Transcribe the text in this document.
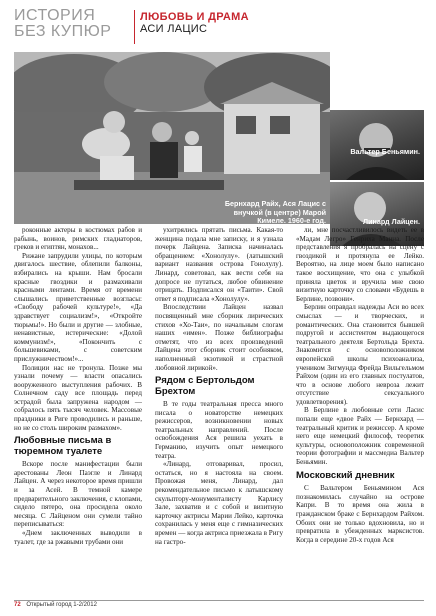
ИСТОРИЯ БЕЗ КУПЮР
ЛЮБОВЬ И ДРАМА
АСИ ЛАЦИС
Бернхард Райх, Ася Лацис с внучкой (в центре) Марой Кимеле. 1960-е год.
Вальтер Беньямин.
Линард Лайцен.

роконные актеры в костюмах рабов и рабынь, воинов, римских гладиаторов, греков и египтян, монахов...

Рижане запрудили улицы, по которым двигалось шествие, облепили балконы, взбирались на крыши. Нам бросали красные гвоздики и размахивали красными лентами. Время от времени слышались приветственные возгласы: «Свободу рабочей культуре!», «Да здравствует социализм!», «Откройте тюрьмы!». Но были и другие — злобные, ненавистные, истерические: «Долой коммунизм!», «Покончить с большевиками, с советским прислужничеством!»...

Полиции нас не тронула. Позже мы узнали почему — власти опасались вооруженного выступления рабочих. В Солнечном саду все площадь перед эстрадой была запружена народом — собралось пять тысяч человек. Массовые праздники в Риге проводились и раньше, но не со столь широким размахом».

Любовные письма в тюремном туалете

Вскоре после манифестации были арестованы Леон Паэгле и Линард Лайцен. А через некоторое время пришли и за Асей. В темной камере предварительного заключения, с клопами, сидело пятеро, она просидела около месяца. С Лайценом они сумели тайно переписываться:

«Днем заключенных выводили в туалет, где за ржавыми трубами они

ухитрялись прятать письма. Какая-то женщина подала мне записку, и я узнала почерк Лайцена. Записка начиналась обращением: «Хонолулу». (латышский вариант названия острова Гонолулу). Линард, советовал, как вести себя на допросе не путаться, любое обвинение отрицать. Подписался он «Таити». Свой ответ я подписала «Хонолулу».

Впоследствии Лайцен назвал посвященный мне сборник лирических стихов «Хо-Таи», по начальным слогам наших «имен». Позже библиографы отметят, что из всех произведений Лайцена этот сборник стоит особняком, наполненный экзотикой и страстной любовной лирикой».

Рядом с Бертольдом Брехтом

В те годы театральная пресса много писала о новаторстве немецких режиссеров, возникновении новых театральных направлений. После освобождения Ася решила уехать в Германию, изучить опыт немецкого театра.

«Линард, отговаривал, просил, остаться, но я настояла на своем. Провожая меня, Линард, дал рекомендательное письмо к латышскому скульптору-монументалисту Карлису Зале, захватив и с собой и визитную карточку актрисы Марии Лейко, карточка сохранилась у меня еще с гимназических времен — когда актриса приезжала в Ригу на гастро-

ли, мне посчастливилось видеть ее в «Мадам Легро» Генриха Манна. После представления я пробралась на сцену с гвоздикой и протянула ее Лейко. Вероятно, на лице моем было написано такое восхищение, что она с улыбкой приняла цветок и вручила мне свою визитную карточку со словами «Будешь в Берлине, позвони».

Берлин оправдал надежды Аси во всех смыслах — и творческих, и романтических. Она становится бывшей подругой и ассистентом выдающегося театрального деятеля Бертольда Брехта. Знакомится с основоположником европейской школы психоанализа, учеником Зигмунда Фрейда Вильгельмом Райхом (один из его главных постулатов, что в основе любого невроза лежит отсутствие сексуального удовлетворения).

В Берлине в любовные сети Ласис попали еще «двое Райх — Бернхард — театральный критик и режиссер. А кроме него еще немецкий философ, теоретик культуры, основоположник современной теории фотографии и массмедиа Вальтер Беньямин.

Московский дневник

С Вальтером Беньямином Ася познакомилась случайно на острове Капри. В то время она жила в гражданском браке с Бернхардом Райхом. Обоих они не только вдохновила, но и превратила в убежденных марксистов. Когда в середине 20-х годов Ася

72 Открытый город 1-2/2012
